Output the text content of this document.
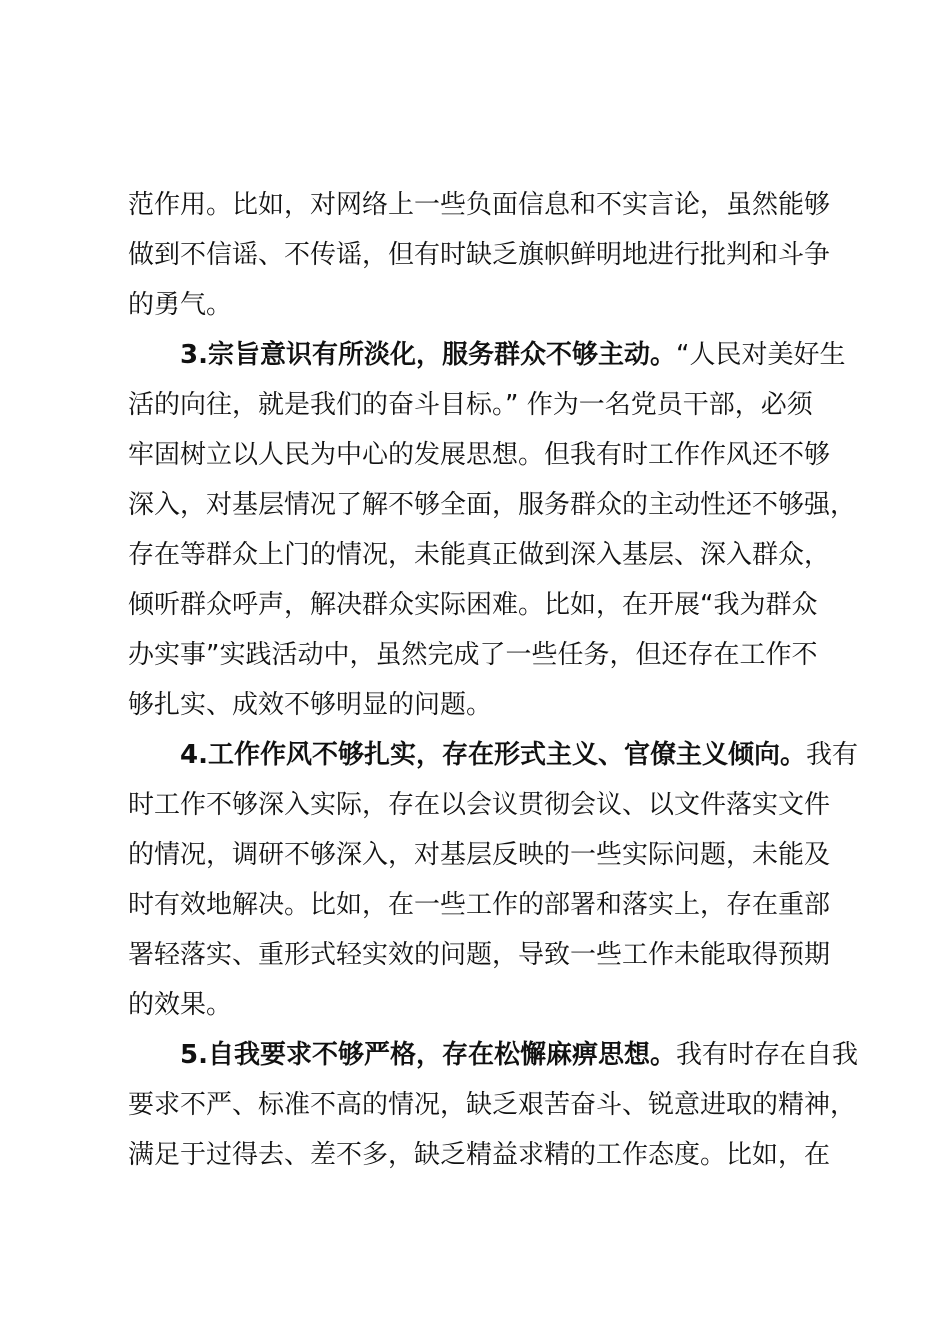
范作用。比如，对网络上一些负面信息和不实言论，虽然能够
做到不信谣、不传谣，但有时缺乏旗帜鲜明地进行批判和斗争
的勇气。
3.宗旨意识有所淡化，服务群众不够主动。“人民对美好生
活的向往，就是我们的奋斗目标。” 作为一名党员干部，必须
牢固树立以人民为中心的发展思想。但我有时工作作风还不够
深入，对基层情况了解不够全面，服务群众的主动性还不够强，
存在等群众上门的情况，未能真正做到深入基层、深入群众，
倾听群众呼声，解决群众实际困难。比如，在开展“我为群众
办实事”实践活动中，虽然完成了一些任务，但还存在工作不
够扎实、成效不够明显的问题。
4.工作作风不够扎实，存在形式主义、官僚主义倾向。我有
时工作不够深入实际，存在以会议贯彻会议、以文件落实文件
的情况，调研不够深入，对基层反映的一些实际问题，未能及
时有效地解决。比如，在一些工作的部署和落实上，存在重部
署轻落实、重形式轻实效的问题，导致一些工作未能取得预期
的效果。
5.自我要求不够严格，存在松懈麻痹思想。我有时存在自我
要求不严、标准不高的情况，缺乏艰苦奋斗、锐意进取的精神，
满足于过得去、差不多，缺乏精益求精的工作态度。比如，在
